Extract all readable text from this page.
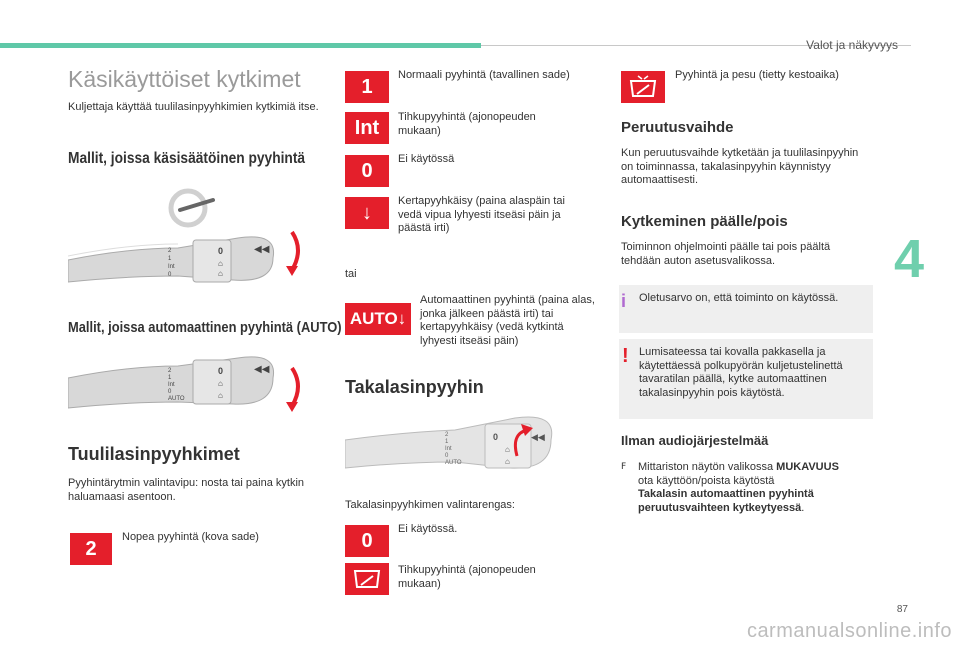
Valot ja näkyvyys
Käsikäyttöiset kytkimet
Kuljettaja käyttää tuulilasinpyyhkimien kytkimiä itse.
Mallit, joissa käsisäätöinen pyyhintä
0
⌂
⌂
◀◀
2
1
Int
0
Mallit, joissa automaattinen pyyhintä (AUTO)
0
⌂
⌂
◀◀
2
1
Int
0
AUTO
Tuulilasinpyyhkimet
Pyyhintärytmin valintavipu: nosta tai paina kytkin haluamaasi asentoon.
2
Nopea pyyhintä (kova sade)
1
Normaali pyyhintä (tavallinen sade)
Int	Tihkupyyhintä (ajonopeuden mukaan)
0
Ei käytössä
↓
Kertapyyhkäisy (paina alaspäin tai vedä vipua lyhyesti itseäsi päin ja päästä irti)
tai
AUTO ↓
Automaattinen pyyhintä (paina alas, jonka jälkeen päästä irti) tai kertapyyhkäisy (vedä kytkintä lyhyesti itseäsi päin)
Takalasinpyyhin
0
⌂
⌂
◀◀
2
1
Int
0
AUTO
Takalasinpyyhkimen valintarengas:
0
Ei käytössä.
Tihkupyyhintä (ajonopeuden mukaan)
Pyyhintä ja pesu (tietty kestoaika)
Peruutusvaihde
Kun peruutusvaihde kytketään ja tuulilasinpyyhin on toiminnassa, takalasinpyyhin käynnistyy automaattisesti.
Kytkeminen päälle/pois
Toiminnon ohjelmointi päälle tai pois päältä tehdään auton asetusvalikossa.
i Oletusarvo on, että toiminto on käytössä.
! Lumisateessa tai kovalla pakkasella ja käytettäessä polkupyörän kuljetustelinettä tavaratilan päällä, kytke automaattinen takalasinpyyhin pois käytöstä.
Ilman audiojärjestelmää
F	Mittariston näytön valikossa MUKAVUUS
ota käyttöön/poista käytöstä
Takalasin automaattinen pyyhintä peruutusvaihteen kytkeytyessä.
4
87
carmanualsonline.info
